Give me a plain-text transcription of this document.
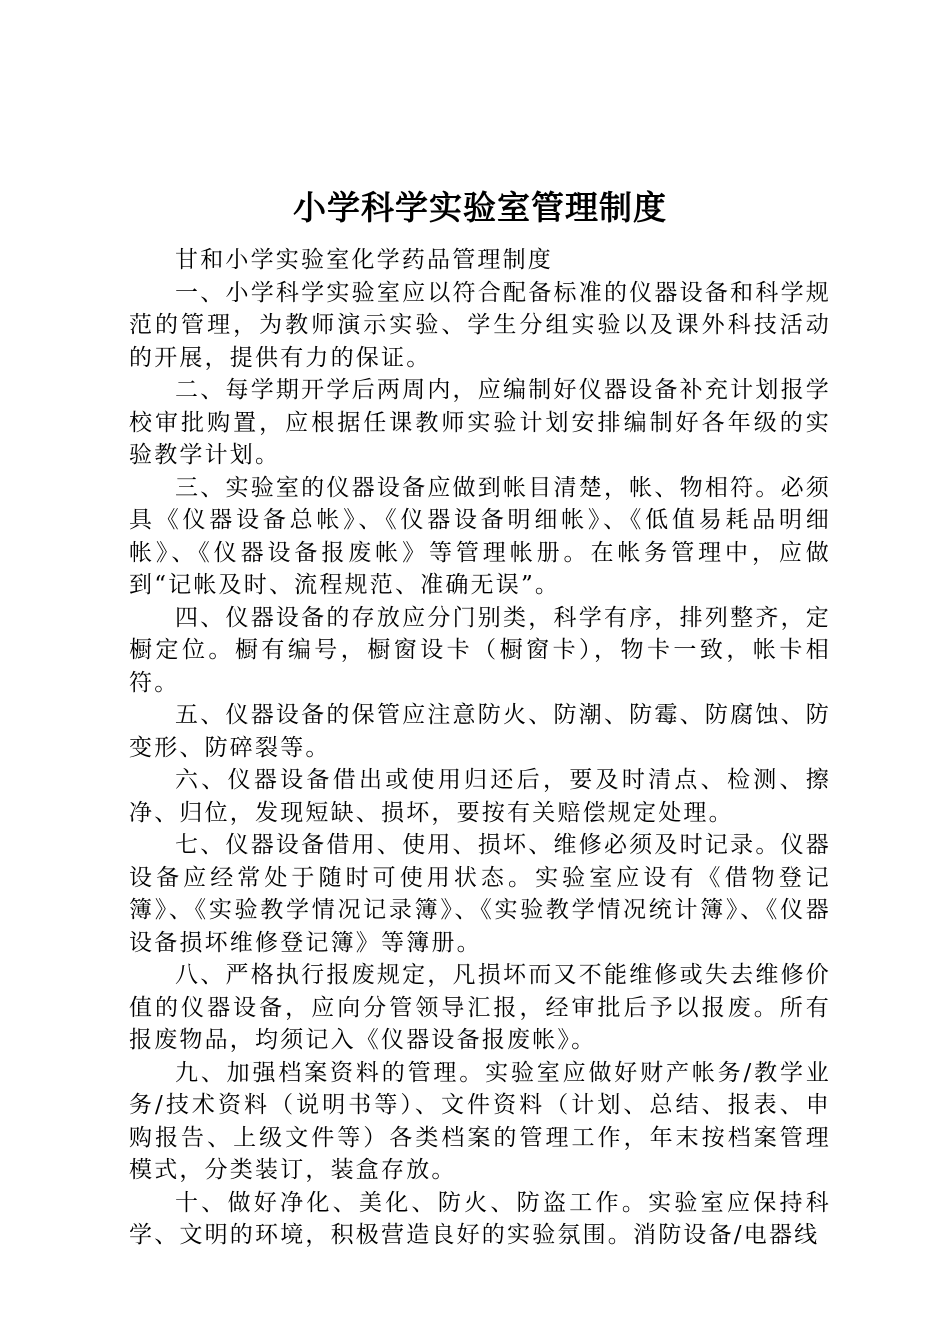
小学科学实验室管理制度

甘和小学实验室化学药品管理制度

一、小学科学实验室应以符合配备标准的仪器设备和科学规范的管理，为教师演示实验、学生分组实验以及课外科技活动的开展，提供有力的保证。

二、每学期开学后两周内，应编制好仪器设备补充计划报学校审批购置，应根据任课教师实验计划安排编制好各年级的实验教学计划。

三、实验室的仪器设备应做到帐目清楚，帐、物相符。必须具《仪器设备总帐》、《仪器设备明细帐》、《低值易耗品明细帐》、《仪器设备报废帐》等管理帐册。在帐务管理中，应做到“记帐及时、流程规范、准确无误”。

四、仪器设备的存放应分门别类，科学有序，排列整齐，定橱定位。橱有编号，橱窗设卡（橱窗卡），物卡一致，帐卡相符。

五、仪器设备的保管应注意防火、防潮、防霉、防腐蚀、防变形、防碎裂等。

六、仪器设备借出或使用归还后，要及时清点、检测、擦净、归位，发现短缺、损坏，要按有关赔偿规定处理。

七、仪器设备借用、使用、损坏、维修必须及时记录。仪器设备应经常处于随时可使用状态。实验室应设有《借物登记簿》、《实验教学情况记录簿》、《实验教学情况统计簿》、《仪器设备损坏维修登记簿》等簿册。

八、严格执行报废规定，凡损坏而又不能维修或失去维修价值的仪器设备，应向分管领导汇报，经审批后予以报废。所有报废物品，均须记入《仪器设备报废帐》。

九、加强档案资料的管理。实验室应做好财产帐务/教学业务/技术资料（说明书等）、文件资料（计划、总结、报表、申购报告、上级文件等）各类档案的管理工作，年末按档案管理模式，分类装订，装盒存放。

十、做好净化、美化、防火、防盗工作。实验室应保持科学、文明的环境，积极营造良好的实验氛围。消防设备/电器线
